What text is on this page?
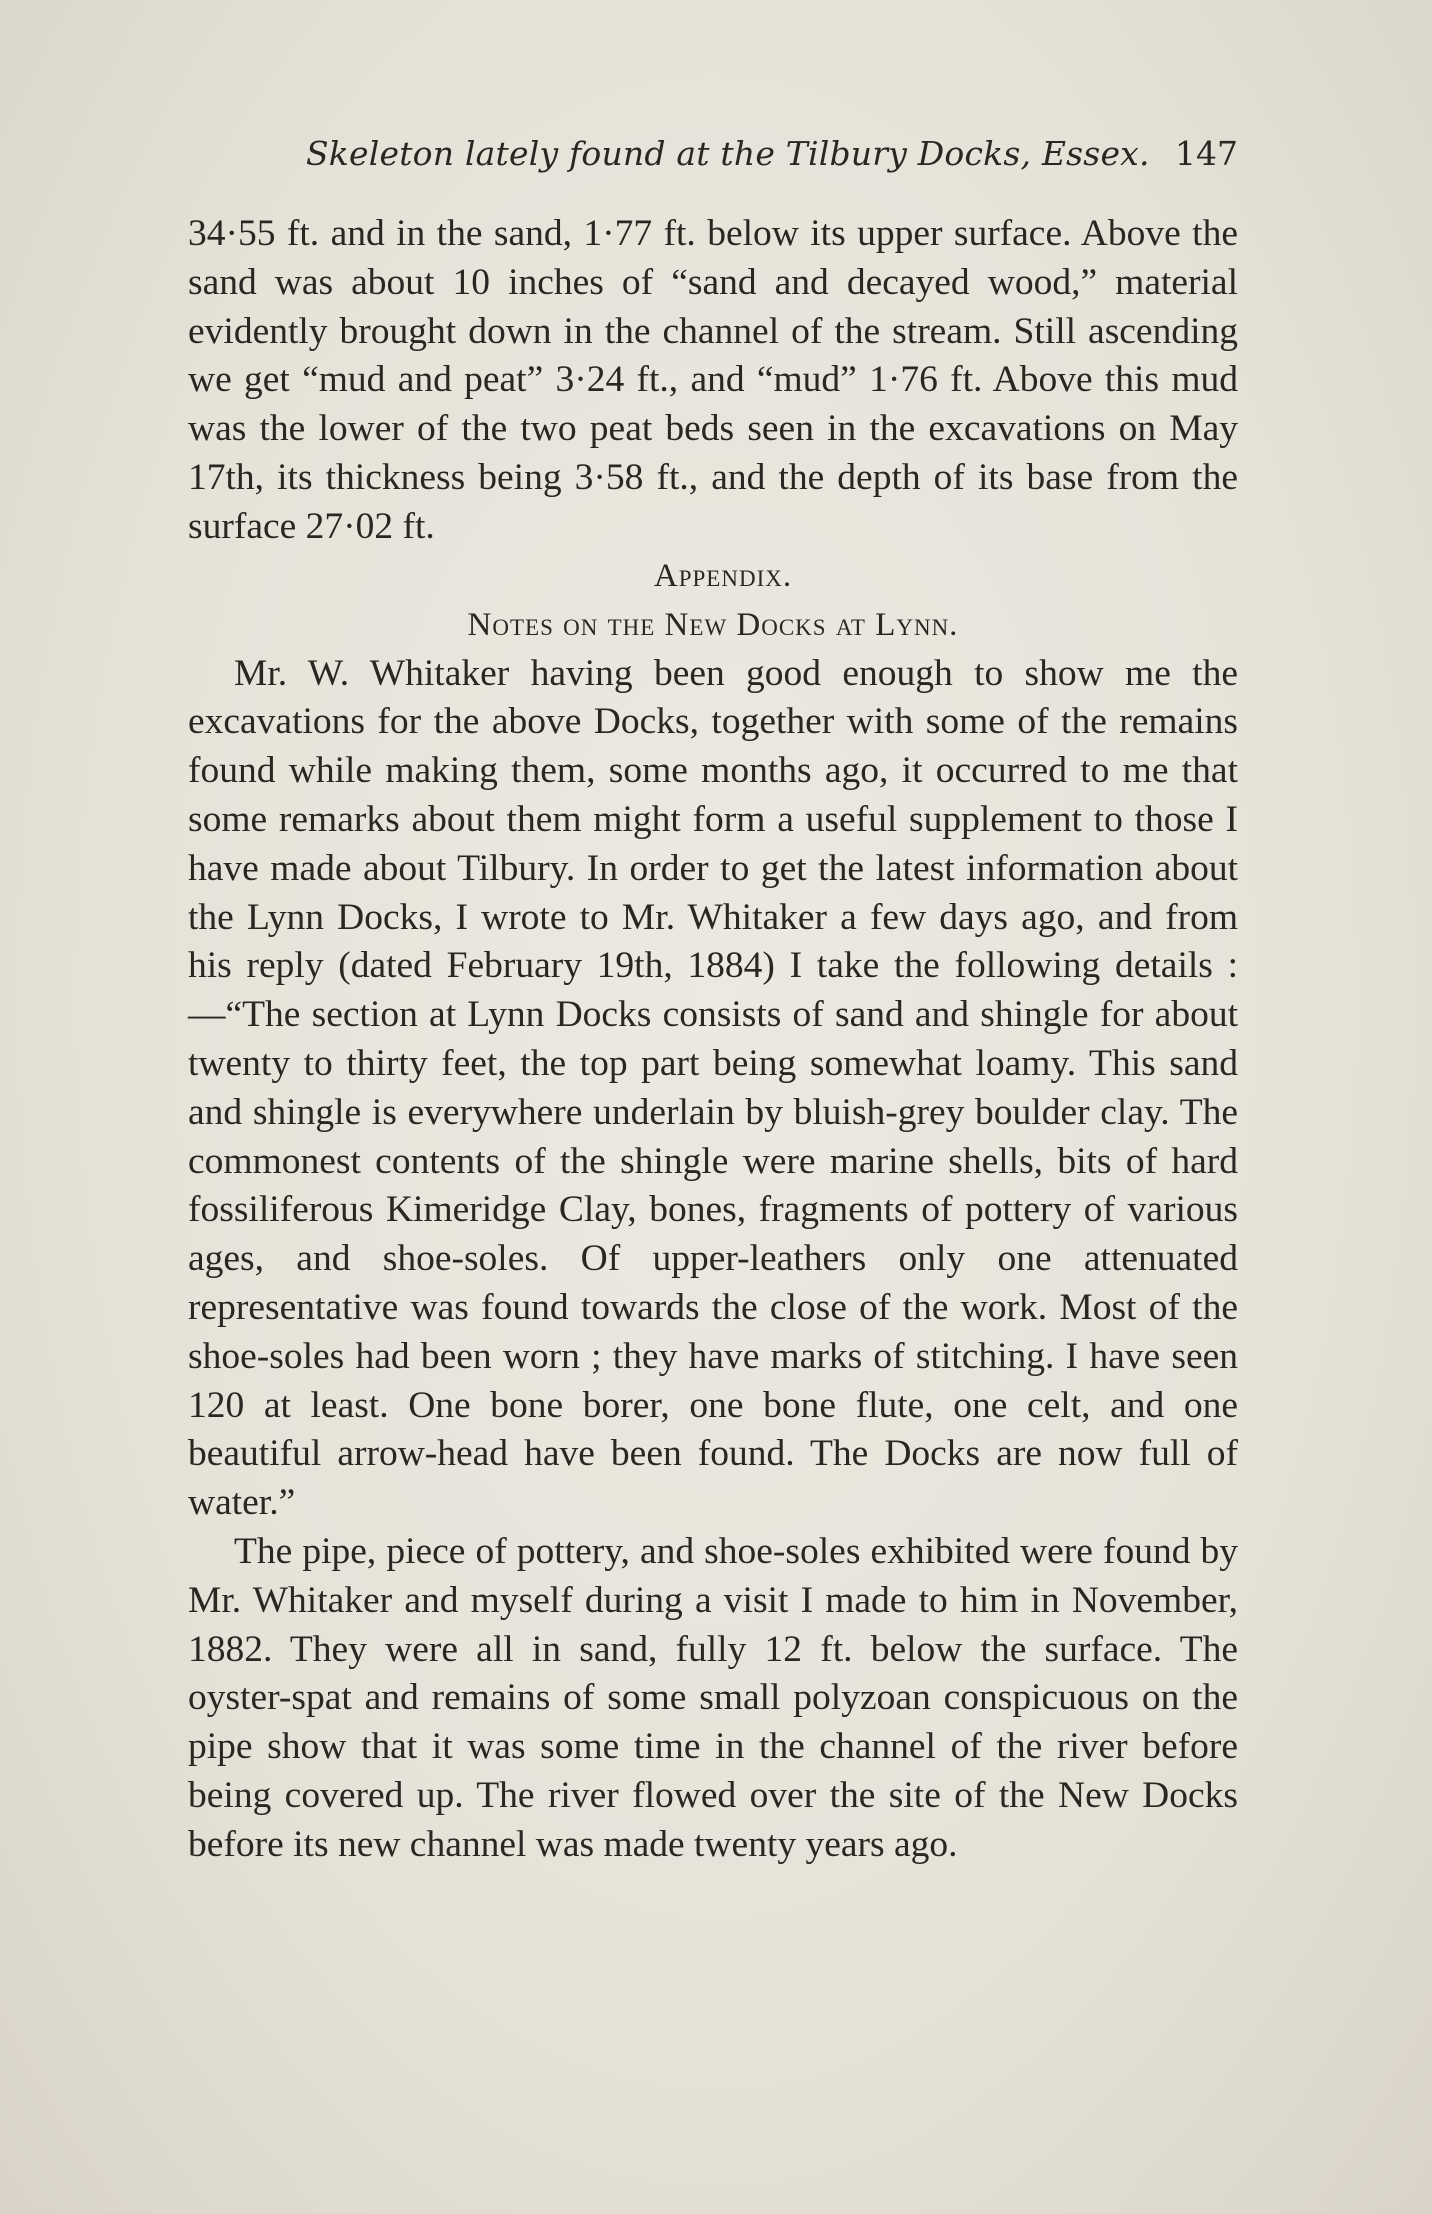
Skeleton lately found at the Tilbury Docks, Essex. 147

34·55 ft. and in the sand, 1·77 ft. below its upper surface. Above the sand was about 10 inches of “sand and decayed wood,” material evidently brought down in the channel of the stream. Still ascending we get “mud and peat” 3·24 ft., and “mud” 1·76 ft. Above this mud was the lower of the two peat beds seen in the excavations on May 17th, its thickness being 3·58 ft., and the depth of its base from the surface 27·02 ft.

Appendix.

Notes on the New Docks at Lynn.

Mr. W. Whitaker having been good enough to show me the excavations for the above Docks, together with some of the remains found while making them, some months ago, it occurred to me that some remarks about them might form a useful supplement to those I have made about Tilbury. In order to get the latest information about the Lynn Docks, I wrote to Mr. Whitaker a few days ago, and from his reply (dated February 19th, 1884) I take the following details :—“The section at Lynn Docks consists of sand and shingle for about twenty to thirty feet, the top part being somewhat loamy. This sand and shingle is everywhere underlain by bluish-grey boulder clay. The commonest contents of the shingle were marine shells, bits of hard fossiliferous Kimeridge Clay, bones, fragments of pottery of various ages, and shoe-soles. Of upper-leathers only one attenuated representative was found towards the close of the work. Most of the shoe-soles had been worn ; they have marks of stitching. I have seen 120 at least. One bone borer, one bone flute, one celt, and one beautiful arrow-head have been found. The Docks are now full of water.”

The pipe, piece of pottery, and shoe-soles exhibited were found by Mr. Whitaker and myself during a visit I made to him in November, 1882. They were all in sand, fully 12 ft. below the surface. The oyster-spat and remains of some small polyzoan conspicuous on the pipe show that it was some time in the channel of the river before being covered up. The river flowed over the site of the New Docks before its new channel was made twenty years ago.
